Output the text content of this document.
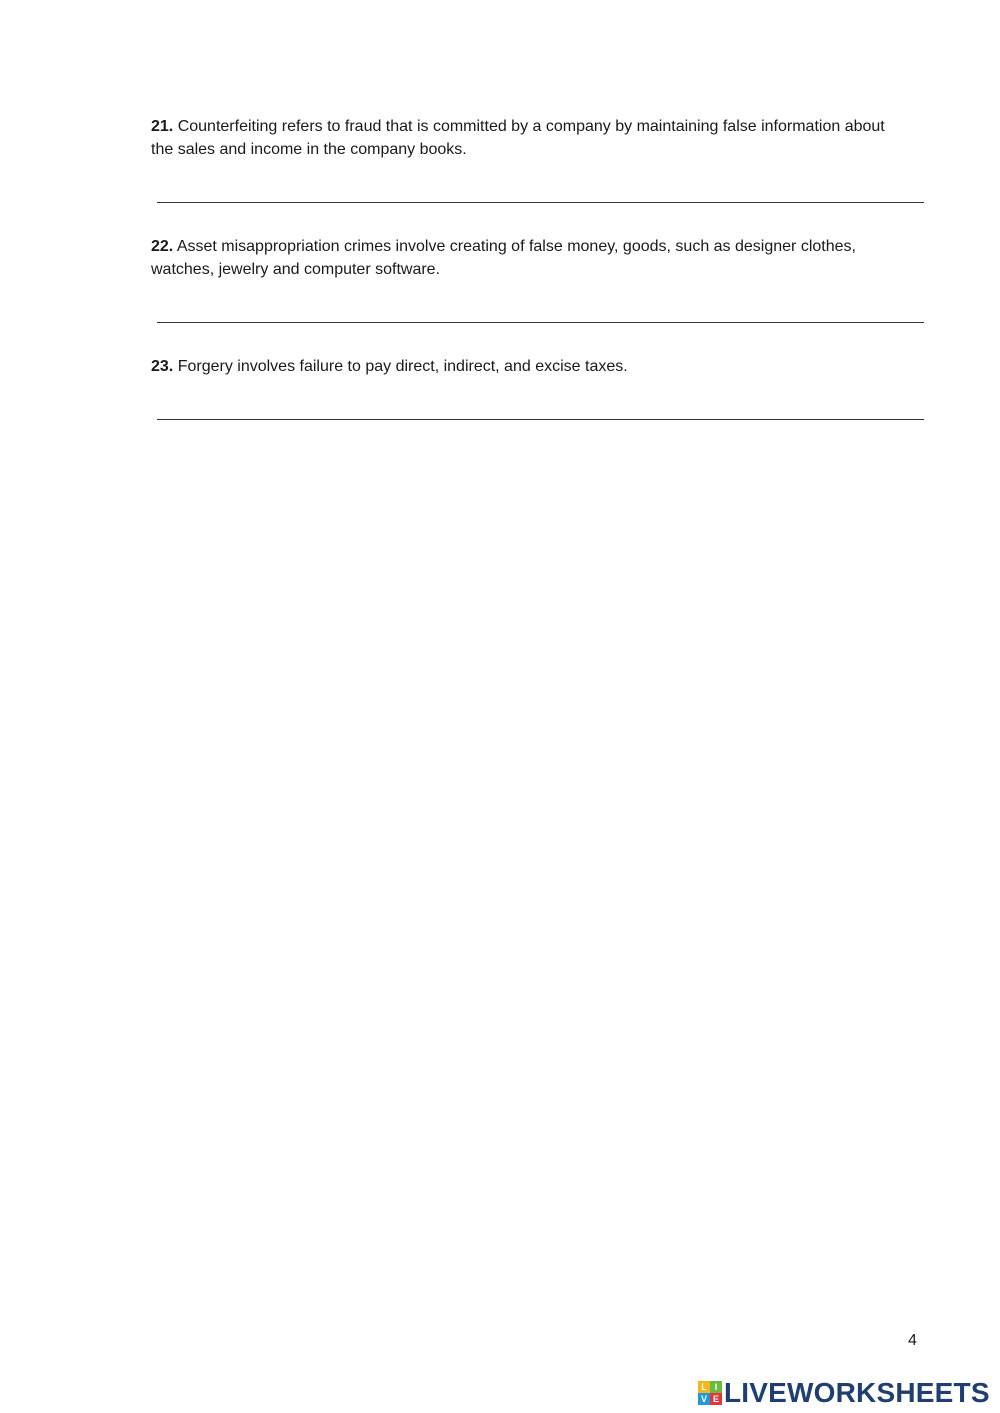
21. Counterfeiting refers to fraud that is committed by a company by maintaining false information about the sales and income in the company books.
22. Asset misappropriation crimes involve creating of false money, goods, such as designer clothes, watches, jewelry and computer software.
23. Forgery involves failure to pay direct, indirect, and excise taxes.
4
L I
V E LIVEWORKSHEETS
